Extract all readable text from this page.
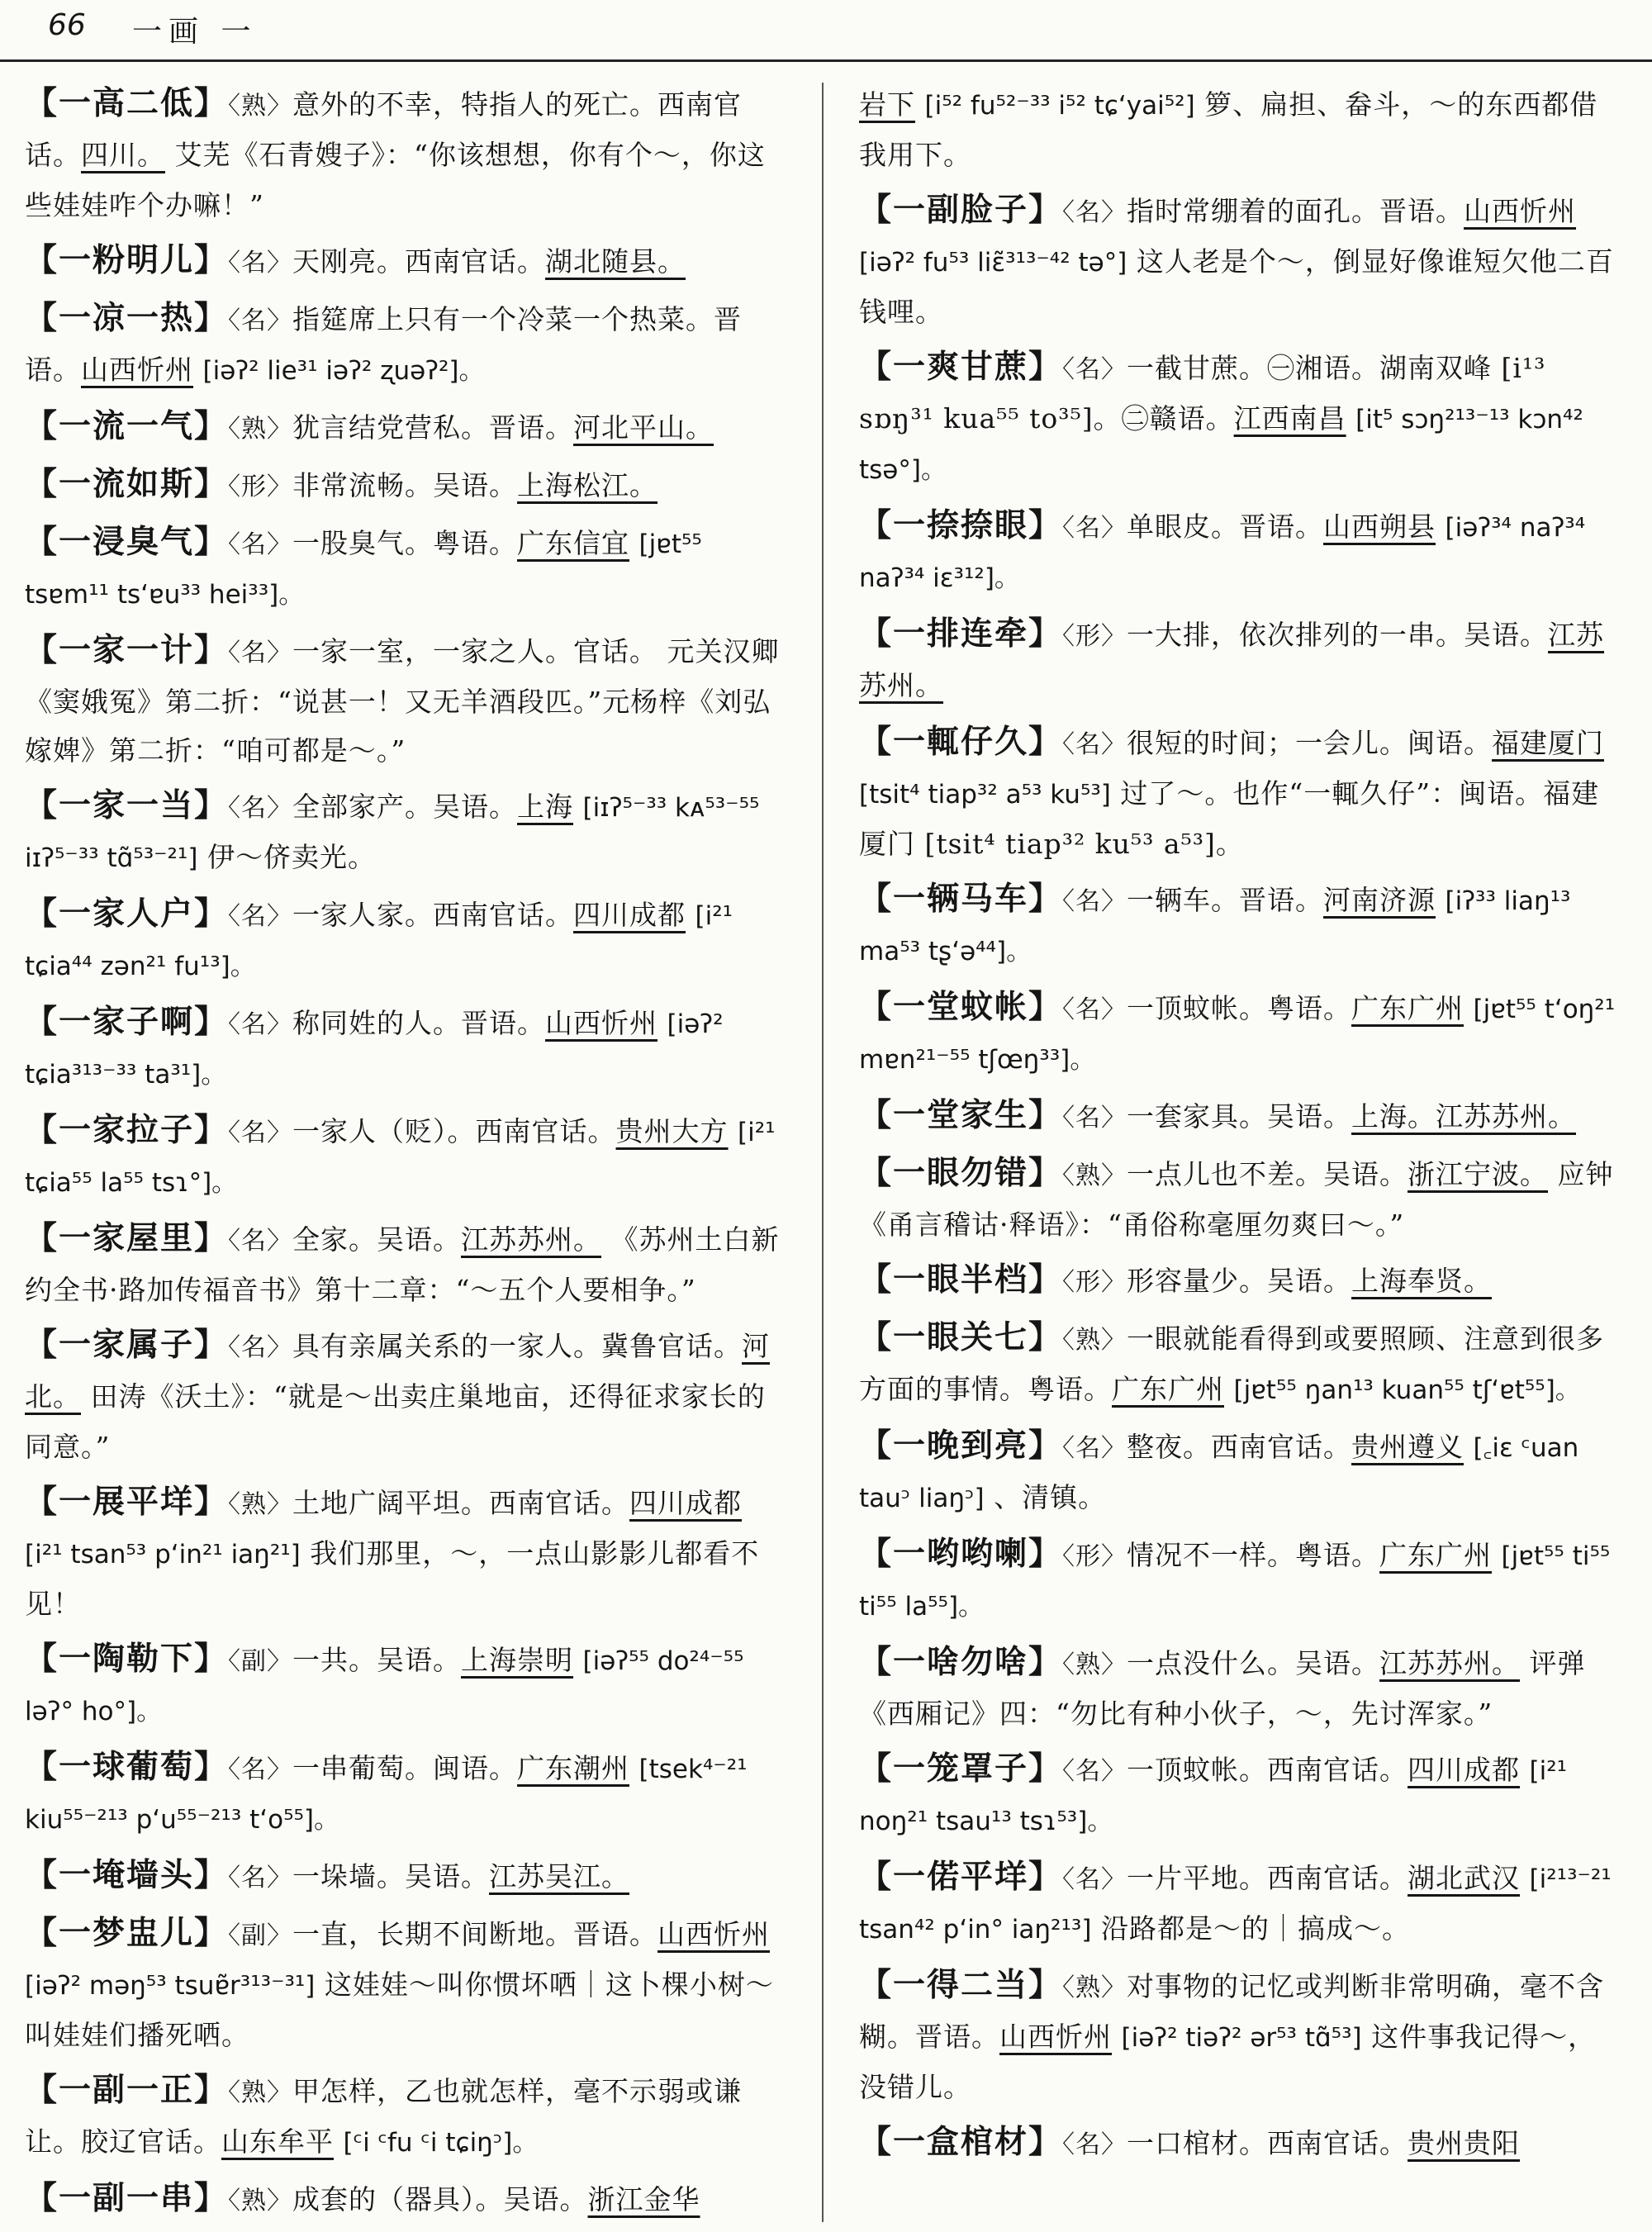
66 一画 一
【一高二低】〈熟〉意外的不幸，特指人的死亡。西南官话。四川。 艾芜《石青嫂子》：“你该想想，你有个～，你这些娃娃咋个办嘛！”
【一粉明儿】〈名〉天刚亮。西南官话。湖北随县。
【一凉一热】〈名〉指筵席上只有一个冷菜一个热菜。晋语。山西忻州 [iəʔ² lie³¹ iəʔ² ʐuəʔ²]。
【一流一气】〈熟〉犹言结党营私。晋语。河北平山。
【一流如斯】〈形〉非常流畅。吴语。上海松江。
【一浸臭气】〈名〉一股臭气。粤语。广东信宜 [jɐt⁵⁵ tsɐm¹¹ ts‘ɐu³³ hei³³]。
【一家一计】〈名〉一家一室，一家之人。官话。 元关汉卿《窦娥冤》第二折：“说甚一！又无羊酒段匹。”元杨梓《刘弘嫁婢》第二折：“咱可都是～。”
【一家一当】〈名〉全部家产。吴语。上海 [iɪʔ⁵⁻³³ kᴀ⁵³⁻⁵⁵ iɪʔ⁵⁻³³ tɑ̃⁵³⁻²¹] 伊～侪卖光。
【一家人户】〈名〉一家人家。西南官话。四川成都 [i²¹ tɕia⁴⁴ zən²¹ fu¹³]。
【一家子啊】〈名〉称同姓的人。晋语。山西忻州 [iəʔ² tɕia³¹³⁻³³ ta³¹]。
【一家拉子】〈名〉一家人（贬）。西南官话。贵州大方 [i²¹ tɕia⁵⁵ la⁵⁵ tsɿ°]。
【一家屋里】〈名〉全家。吴语。江苏苏州。 《苏州土白新约全书·路加传福音书》第十二章：“～五个人要相争。”
【一家属子】〈名〉具有亲属关系的一家人。冀鲁官话。河北。 田涛《沃土》：“就是～出卖庄巢地亩，还得征求家长的同意。”
【一展平垟】〈熟〉土地广阔平坦。西南官话。四川成都 [i²¹ tsan⁵³ p‘in²¹ iaŋ²¹] 我们那里，～，一点山影影儿都看不见！
【一陶勒下】〈副〉一共。吴语。上海崇明 [iəʔ⁵⁵ do²⁴⁻⁵⁵ ləʔ° ho°]。
【一球葡萄】〈名〉一串葡萄。闽语。广东潮州 [tsek⁴⁻²¹ kiu⁵⁵⁻²¹³ p‘u⁵⁵⁻²¹³ t‘o⁵⁵]。
【一埯墙头】〈名〉一垛墙。吴语。江苏吴江。
【一梦盅儿】〈副〉一直，长期不间断地。晋语。山西忻州 [iəʔ² məŋ⁵³ tsuɐ̃r³¹³⁻³¹] 这娃娃～叫你惯坏哂｜这卜棵小树～叫娃娃们播死哂。
【一副一正】〈熟〉甲怎样，乙也就怎样，毫不示弱或谦让。胶辽官话。山东牟平 [ᶜi ᶜfu ᶜi tɕiŋᵓ]。
【一副一串】〈熟〉成套的（器具）。吴语。浙江金华
岩下 [i⁵² fu⁵²⁻³³ i⁵² tɕ‘yai⁵²] 箩、扁担、畚斗，～的东西都借我用下。
【一副脸子】〈名〉指时常绷着的面孔。晋语。山西忻州 [iəʔ² fu⁵³ liɛ̃³¹³⁻⁴² tə°] 这人老是个～，倒显好像谁短欠他二百钱哩。
【一爽甘蔗】〈名〉一截甘蔗。㊀湘语。湖南双峰 [i¹³ sɒŋ³¹ kua⁵⁵ to³⁵]。㊁赣语。江西南昌 [it⁵ sɔŋ²¹³⁻¹³ kɔn⁴² tsə°]。
【一捺捺眼】〈名〉单眼皮。晋语。山西朔县 [iəʔ³⁴ naʔ³⁴ naʔ³⁴ iɛ³¹²]。
【一排连牵】〈形〉一大排，依次排列的一串。吴语。江苏苏州。
【一輒仔久】〈名〉很短的时间；一会儿。闽语。福建厦门 [tsit⁴ tiap³² a⁵³ ku⁵³] 过了～。也作“一輒久仔”：闽语。福建厦门 [tsit⁴ tiap³² ku⁵³ a⁵³]。
【一辆马车】〈名〉一辆车。晋语。河南济源 [iʔ³³ liaŋ¹³ ma⁵³ tʂ‘ə⁴⁴]。
【一堂蚊帐】〈名〉一顶蚊帐。粤语。广东广州 [jɐt⁵⁵ t‘oŋ²¹ mɐn²¹⁻⁵⁵ tʃœŋ³³]。
【一堂家生】〈名〉一套家具。吴语。上海。江苏苏州。
【一眼勿错】〈熟〉一点儿也不差。吴语。浙江宁波。 应钟《甬言稽诂·释语》：“甬俗称毫厘勿爽曰～。”
【一眼半档】〈形〉形容量少。吴语。上海奉贤。
【一眼关七】〈熟〉一眼就能看得到或要照顾、注意到很多方面的事情。粤语。广东广州 [jɐt⁵⁵ ŋan¹³ kuan⁵⁵ tʃ‘ɐt⁵⁵]。
【一晚到亮】〈名〉整夜。西南官话。贵州遵义 [꜀iɛ ᶜuan tauᵓ liaŋᵓ] 、清镇。
【一哟哟喇】〈形〉情况不一样。粤语。广东广州 [jɐt⁵⁵ ti⁵⁵ ti⁵⁵ la⁵⁵]。
【一啥勿啥】〈熟〉一点没什么。吴语。江苏苏州。 评弹《西厢记》四：“勿比有种小伙子，～，先讨浑家。”
【一笼罩子】〈名〉一顶蚊帐。西南官话。四川成都 [i²¹ noŋ²¹ tsau¹³ tsɿ⁵³]。
【一偌平垟】〈名〉一片平地。西南官话。湖北武汉 [i²¹³⁻²¹ tsan⁴² p‘in° iaŋ²¹³] 沿路都是～的｜搞成～。
【一得二当】〈熟〉对事物的记忆或判断非常明确，毫不含糊。晋语。山西忻州 [iəʔ² tiəʔ² ər⁵³ tɑ̃⁵³] 这件事我记得～，没错儿。
【一盒棺材】〈名〉一口棺材。西南官话。贵州贵阳
